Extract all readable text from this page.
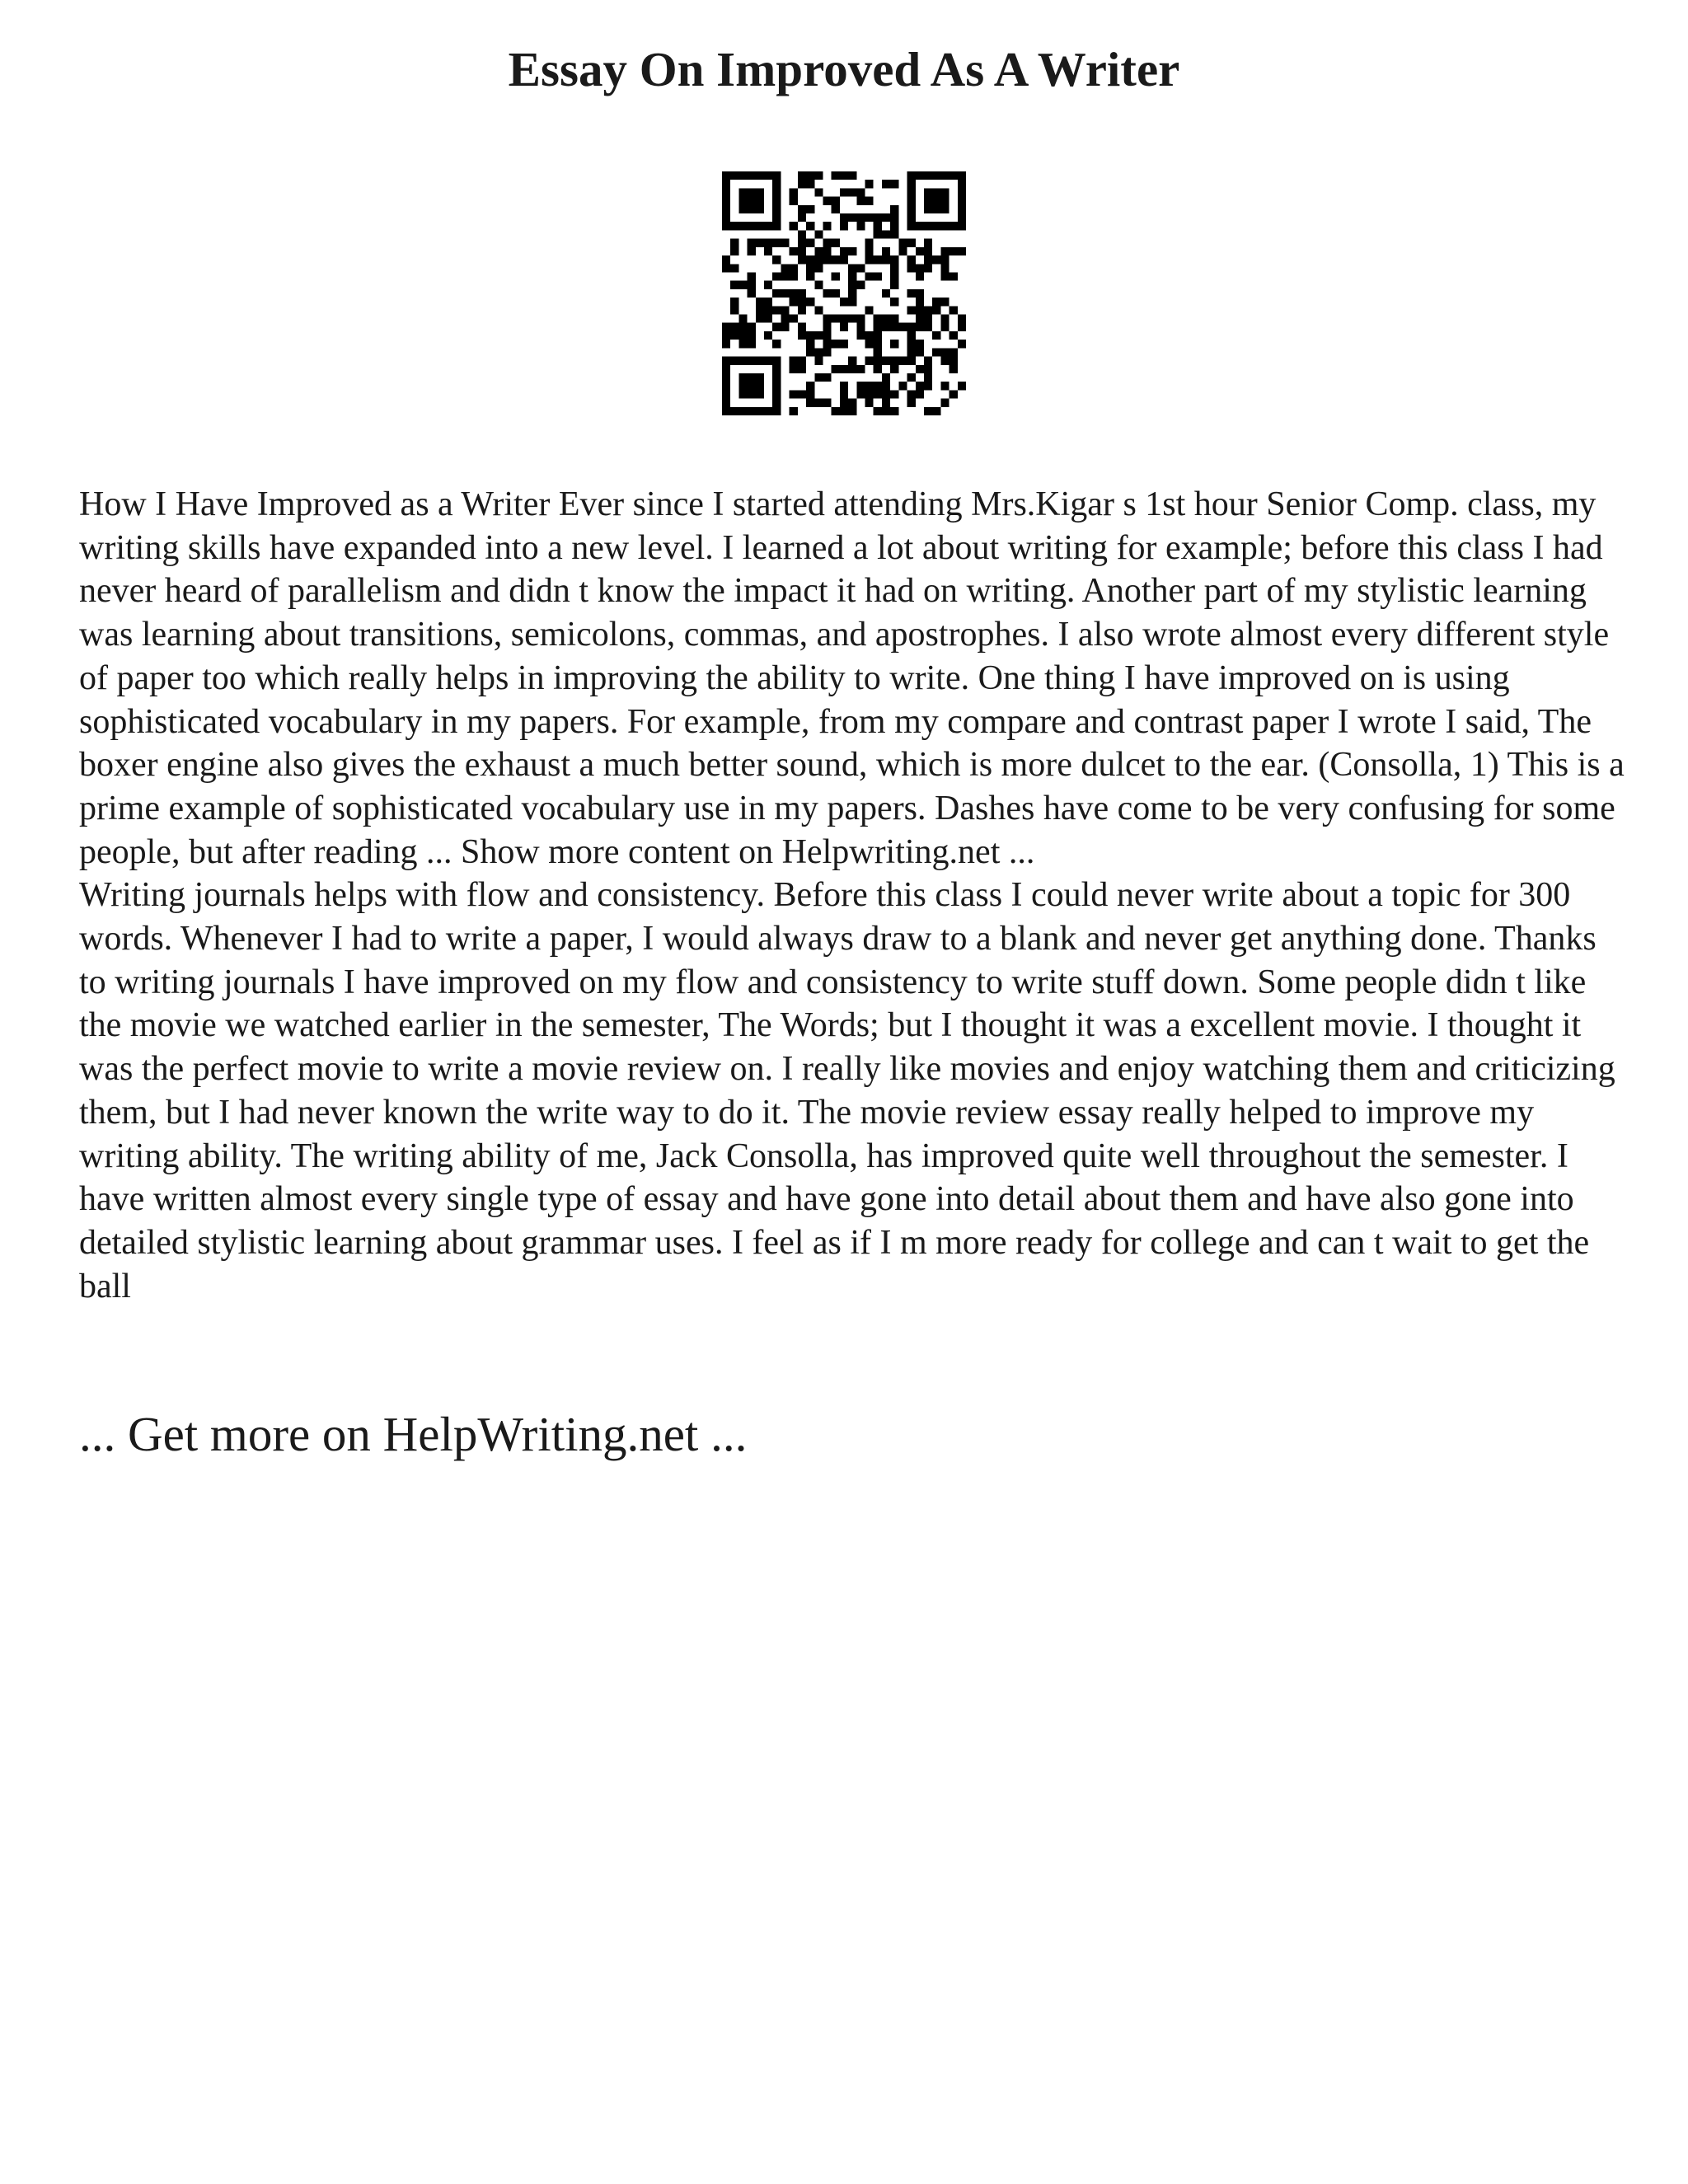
Essay On Improved As A Writer

How I Have Improved as a Writer Ever since I started attending Mrs.Kigar s 1st hour Senior Comp. class, my writing skills have expanded into a new level. I learned a lot about writing for example; before this class I had never heard of parallelism and didn t know the impact it had on writing. Another part of my stylistic learning was learning about transitions, semicolons, commas, and apostrophes. I also wrote almost every different style of paper too which really helps in improving the ability to write. One thing I have improved on is using sophisticated vocabulary in my papers. For example, from my compare and contrast paper I wrote I said, The boxer engine also gives the exhaust a much better sound, which is more dulcet to the ear. (Consolla, 1) This is a prime example of sophisticated vocabulary use in my papers. Dashes have come to be very confusing for some people, but after reading ... Show more content on Helpwriting.net ...

Writing journals helps with flow and consistency. Before this class I could never write about a topic for 300 words. Whenever I had to write a paper, I would always draw to a blank and never get anything done. Thanks to writing journals I have improved on my flow and consistency to write stuff down. Some people didn t like the movie we watched earlier in the semester, The Words; but I thought it was a excellent movie. I thought it was the perfect movie to write a movie review on. I really like movies and enjoy watching them and criticizing them, but I had never known the write way to do it. The movie review essay really helped to improve my writing ability. The writing ability of me, Jack Consolla, has improved quite well throughout the semester. I have written almost every single type of essay and have gone into detail about them and have also gone into detailed stylistic learning about grammar uses. I feel as if I m more ready for college and can t wait to get the ball

... Get more on HelpWriting.net ...
